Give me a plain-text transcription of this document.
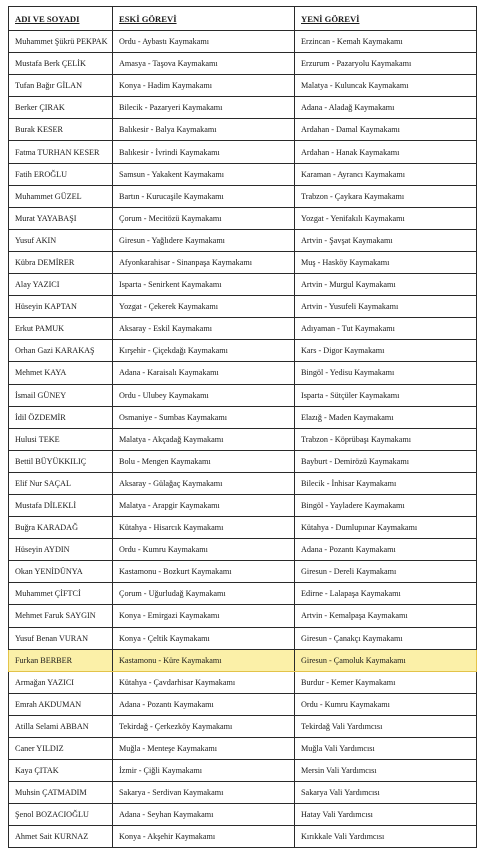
ADI VE SOYADI	ESKİ GÖREVİ	YENİ GÖREVİ
Muhammet Şükrü PEKPAK	Ordu - Aybastı Kaymakamı	Erzincan - Kemah Kaymakamı
Mustafa Berk ÇELİK	Amasya - Taşova Kaymakamı	Erzurum - Pazaryolu Kaymakamı
Tufan Bağır GİLAN	Konya - Hadim Kaymakamı	Malatya - Kuluncak Kaymakamı
Berker ÇIRAK	Bilecik - Pazaryeri Kaymakamı	Adana - Aladağ Kaymakamı
Burak KESER	Balıkesir - Balya Kaymakamı	Ardahan - Damal Kaymakamı
Fatma TURHAN KESER	Balıkesir - İvrindi Kaymakamı	Ardahan - Hanak Kaymakamı
Fatih EROĞLU	Samsun - Yakakent Kaymakamı	Karaman - Ayrancı Kaymakamı
Muhammet GÜZEL	Bartın - Kurucaşile Kaymakamı	Trabzon - Çaykara Kaymakamı
Murat YAYABAŞI	Çorum - Mecitözü Kaymakamı	Yozgat - Yenifakılı Kaymakamı
Yusuf AKIN	Giresun - Yağlıdere Kaymakamı	Artvin - Şavşat Kaymakamı
Kübra DEMİRER	Afyonkarahisar - Sinanpaşa Kaymakamı	Muş - Hasköy Kaymakamı
Alay YAZICI	Isparta - Senirkent Kaymakamı	Artvin - Murgul Kaymakamı
Hüseyin KAPTAN	Yozgat - Çekerek Kaymakamı	Artvin - Yusufeli Kaymakamı
Erkut PAMUK	Aksaray - Eskil Kaymakamı	Adıyaman - Tut Kaymakamı
Orhan Gazi KARAKAŞ	Kırşehir - Çiçekdağı Kaymakamı	Kars - Digor Kaymakamı
Mehmet KAYA	Adana - Karaisalı Kaymakamı	Bingöl - Yedisu Kaymakamı
İsmail GÜNEY	Ordu - Ulubey Kaymakamı	Isparta - Sütçüler Kaymakamı
İdil ÖZDEMİR	Osmaniye - Sumbas Kaymakamı	Elazığ - Maden Kaymakamı
Hulusi TEKE	Malatya - Akçadağ Kaymakamı	Trabzon - Köprübaşı Kaymakamı
Bettil BÜYÜKKILIÇ	Bolu - Mengen Kaymakamı	Bayburt - Demirözü Kaymakamı
Elif Nur SAÇAL	Aksaray - Gülağaç Kaymakamı	Bilecik - İnhisar Kaymakamı
Mustafa DİLEKLİ	Malatya - Arapgir Kaymakamı	Bingöl - Yayladere Kaymakamı
Buğra KARADAĞ	Kütahya - Hisarcık Kaymakamı	Kütahya - Dumlupınar Kaymakamı
Hüseyin AYDIN	Ordu - Kumru Kaymakamı	Adana - Pozantı Kaymakamı
Okan YENİDÜNYA	Kastamonu - Bozkurt Kaymakamı	Giresun - Dereli Kaymakamı
Muhammet ÇİFTCİ	Çorum - Uğurludağ Kaymakamı	Edirne - Lalapaşa Kaymakamı
Mehmet Faruk SAYGIN	Konya - Emirgazi Kaymakamı	Artvin - Kemalpaşa Kaymakamı
Yusuf Benan VURAN	Konya - Çeltik Kaymakamı	Giresun - Çanakçı Kaymakamı
Furkan BERBER	Kastamonu - Küre Kaymakamı	Giresun - Çamoluk Kaymakamı
Armağan YAZICI	Kütahya - Çavdarhisar Kaymakamı	Burdur - Kemer Kaymakamı
Emrah AKDUMAN	Adana - Pozantı Kaymakamı	Ordu - Kumru Kaymakamı
Atilla Selami ABBAN	Tekirdağ - Çerkezköy Kaymakamı	Tekirdağ Vali Yardımcısı
Caner YILDIZ	Muğla - Menteşe Kaymakamı	Muğla Vali Yardımcısı
Kaya ÇITAK	İzmir - Çiğli Kaymakamı	Mersin Vali Yardımcısı
Muhsin ÇATMADIM	Sakarya - Serdivan Kaymakamı	Sakarya Vali Yardımcısı
Şenol BOZACIOĞLU	Adana - Seyhan Kaymakamı	Hatay Vali Yardımcısı
Ahmet Sait KURNAZ	Konya - Akşehir Kaymakamı	Kırıkkale Vali Yardımcısı
